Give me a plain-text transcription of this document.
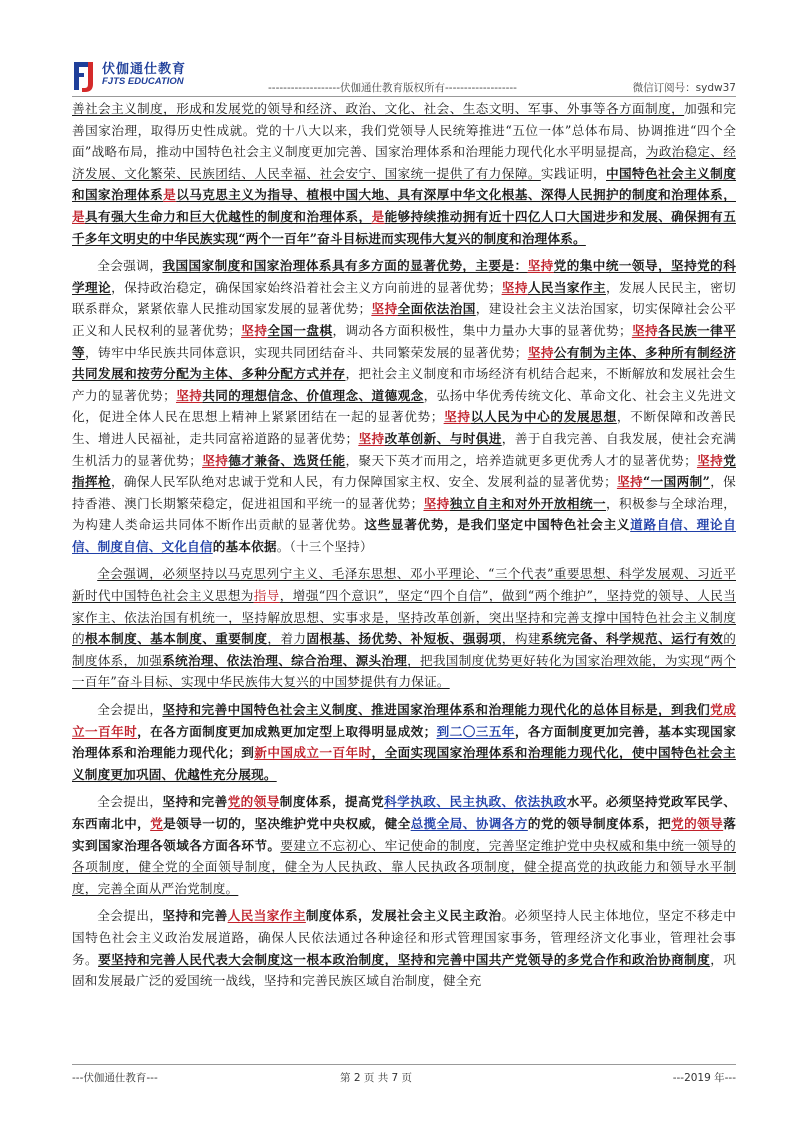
伏伽通仕教育
FJTS EDUCATION
-------------------伏伽通仕教育版权所有-------------------	微信订阅号：sydw37

善社会主义制度，形成和发展党的领导和经济、政治、文化、社会、生态文明、军事、外事等各方面制度，加强和完善国家治理，取得历史性成就。党的十八大以来，我们党领导人民统筹推进“五位一体”总体布局、协调推进“四个全面”战略布局，推动中国特色社会主义制度更加完善、国家治理体系和治理能力现代化水平明显提高，为政治稳定、经济发展、文化繁荣、民族团结、人民幸福、社会安宁、国家统一提供了有力保障。实践证明，中国特色社会主义制度和国家治理体系是以马克思主义为指导、植根中国大地、具有深厚中华文化根基、深得人民拥护的制度和治理体系，是具有强大生命力和巨大优越性的制度和治理体系，是能够持续推动拥有近十四亿人口大国进步和发展、确保拥有五千多年文明史的中华民族实现“两个一百年”奋斗目标进而实现伟大复兴的制度和治理体系。

全会强调，我国国家制度和国家治理体系具有多方面的显著优势，主要是：坚持党的集中统一领导，坚持党的科学理论，保持政治稳定，确保国家始终沿着社会主义方向前进的显著优势；坚持人民当家作主，发展人民民主，密切联系群众，紧紧依靠人民推动国家发展的显著优势；坚持全面依法治国，建设社会主义法治国家，切实保障社会公平正义和人民权利的显著优势；坚持全国一盘棋，调动各方面积极性，集中力量办大事的显著优势；坚持各民族一律平等，铸牢中华民族共同体意识，实现共同团结奋斗、共同繁荣发展的显著优势；坚持公有制为主体、多种所有制经济共同发展和按劳分配为主体、多种分配方式并存，把社会主义制度和市场经济有机结合起来，不断解放和发展社会生产力的显著优势；坚持共同的理想信念、价值理念、道德观念，弘扬中华优秀传统文化、革命文化、社会主义先进文化，促进全体人民在思想上精神上紧紧团结在一起的显著优势；坚持以人民为中心的发展思想，不断保障和改善民生、增进人民福祉，走共同富裕道路的显著优势；坚持改革创新、与时俱进，善于自我完善、自我发展，使社会充满生机活力的显著优势；坚持德才兼备、选贤任能，聚天下英才而用之，培养造就更多更优秀人才的显著优势；坚持党指挥枪，确保人民军队绝对忠诚于党和人民，有力保障国家主权、安全、发展利益的显著优势；坚持“一国两制”，保持香港、澳门长期繁荣稳定，促进祖国和平统一的显著优势；坚持独立自主和对外开放相统一，积极参与全球治理，为构建人类命运共同体不断作出贡献的显著优势。这些显著优势，是我们坚定中国特色社会主义道路自信、理论自信、制度自信、文化自信的基本依据。（十三个坚持）

全会强调，必须坚持以马克思列宁主义、毛泽东思想、邓小平理论、“三个代表”重要思想、科学发展观、习近平新时代中国特色社会主义思想为指导，增强“四个意识”，坚定“四个自信”，做到“两个维护”，坚持党的领导、人民当家作主、依法治国有机统一，坚持解放思想、实事求是，坚持改革创新，突出坚持和完善支撑中国特色社会主义制度的根本制度、基本制度、重要制度，着力固根基、扬优势、补短板、强弱项，构建系统完备、科学规范、运行有效的制度体系，加强系统治理、依法治理、综合治理、源头治理，把我国制度优势更好转化为国家治理效能，为实现“两个一百年”奋斗目标、实现中华民族伟大复兴的中国梦提供有力保证。

全会提出，坚持和完善中国特色社会主义制度、推进国家治理体系和治理能力现代化的总体目标是，到我们党成立一百年时，在各方面制度更加成熟更加定型上取得明显成效；到二〇三五年，各方面制度更加完善，基本实现国家治理体系和治理能力现代化；到新中国成立一百年时，全面实现国家治理体系和治理能力现代化，使中国特色社会主义制度更加巩固、优越性充分展现。

全会提出，坚持和完善党的领导制度体系，提高党科学执政、民主执政、依法执政水平。必须坚持党政军民学、东西南北中，党是领导一切的，坚决维护党中央权威，健全总揽全局、协调各方的党的领导制度体系，把党的领导落实到国家治理各领域各方面各环节。要建立不忘初心、牢记使命的制度，完善坚定维护党中央权威和集中统一领导的各项制度，健全党的全面领导制度，健全为人民执政、靠人民执政各项制度，健全提高党的执政能力和领导水平制度，完善全面从严治党制度。

全会提出，坚持和完善人民当家作主制度体系，发展社会主义民主政治。必须坚持人民主体地位，坚定不移走中国特色社会主义政治发展道路，确保人民依法通过各种途径和形式管理国家事务，管理经济文化事业，管理社会事务。要坚持和完善人民代表大会制度这一根本政治制度，坚持和完善中国共产党领导的多党合作和政治协商制度，巩固和发展最广泛的爱国统一战线，坚持和完善民族区域自治制度，健全充

---伏伽通仕教育---	第 2 页 共 7 页	---2019 年---
